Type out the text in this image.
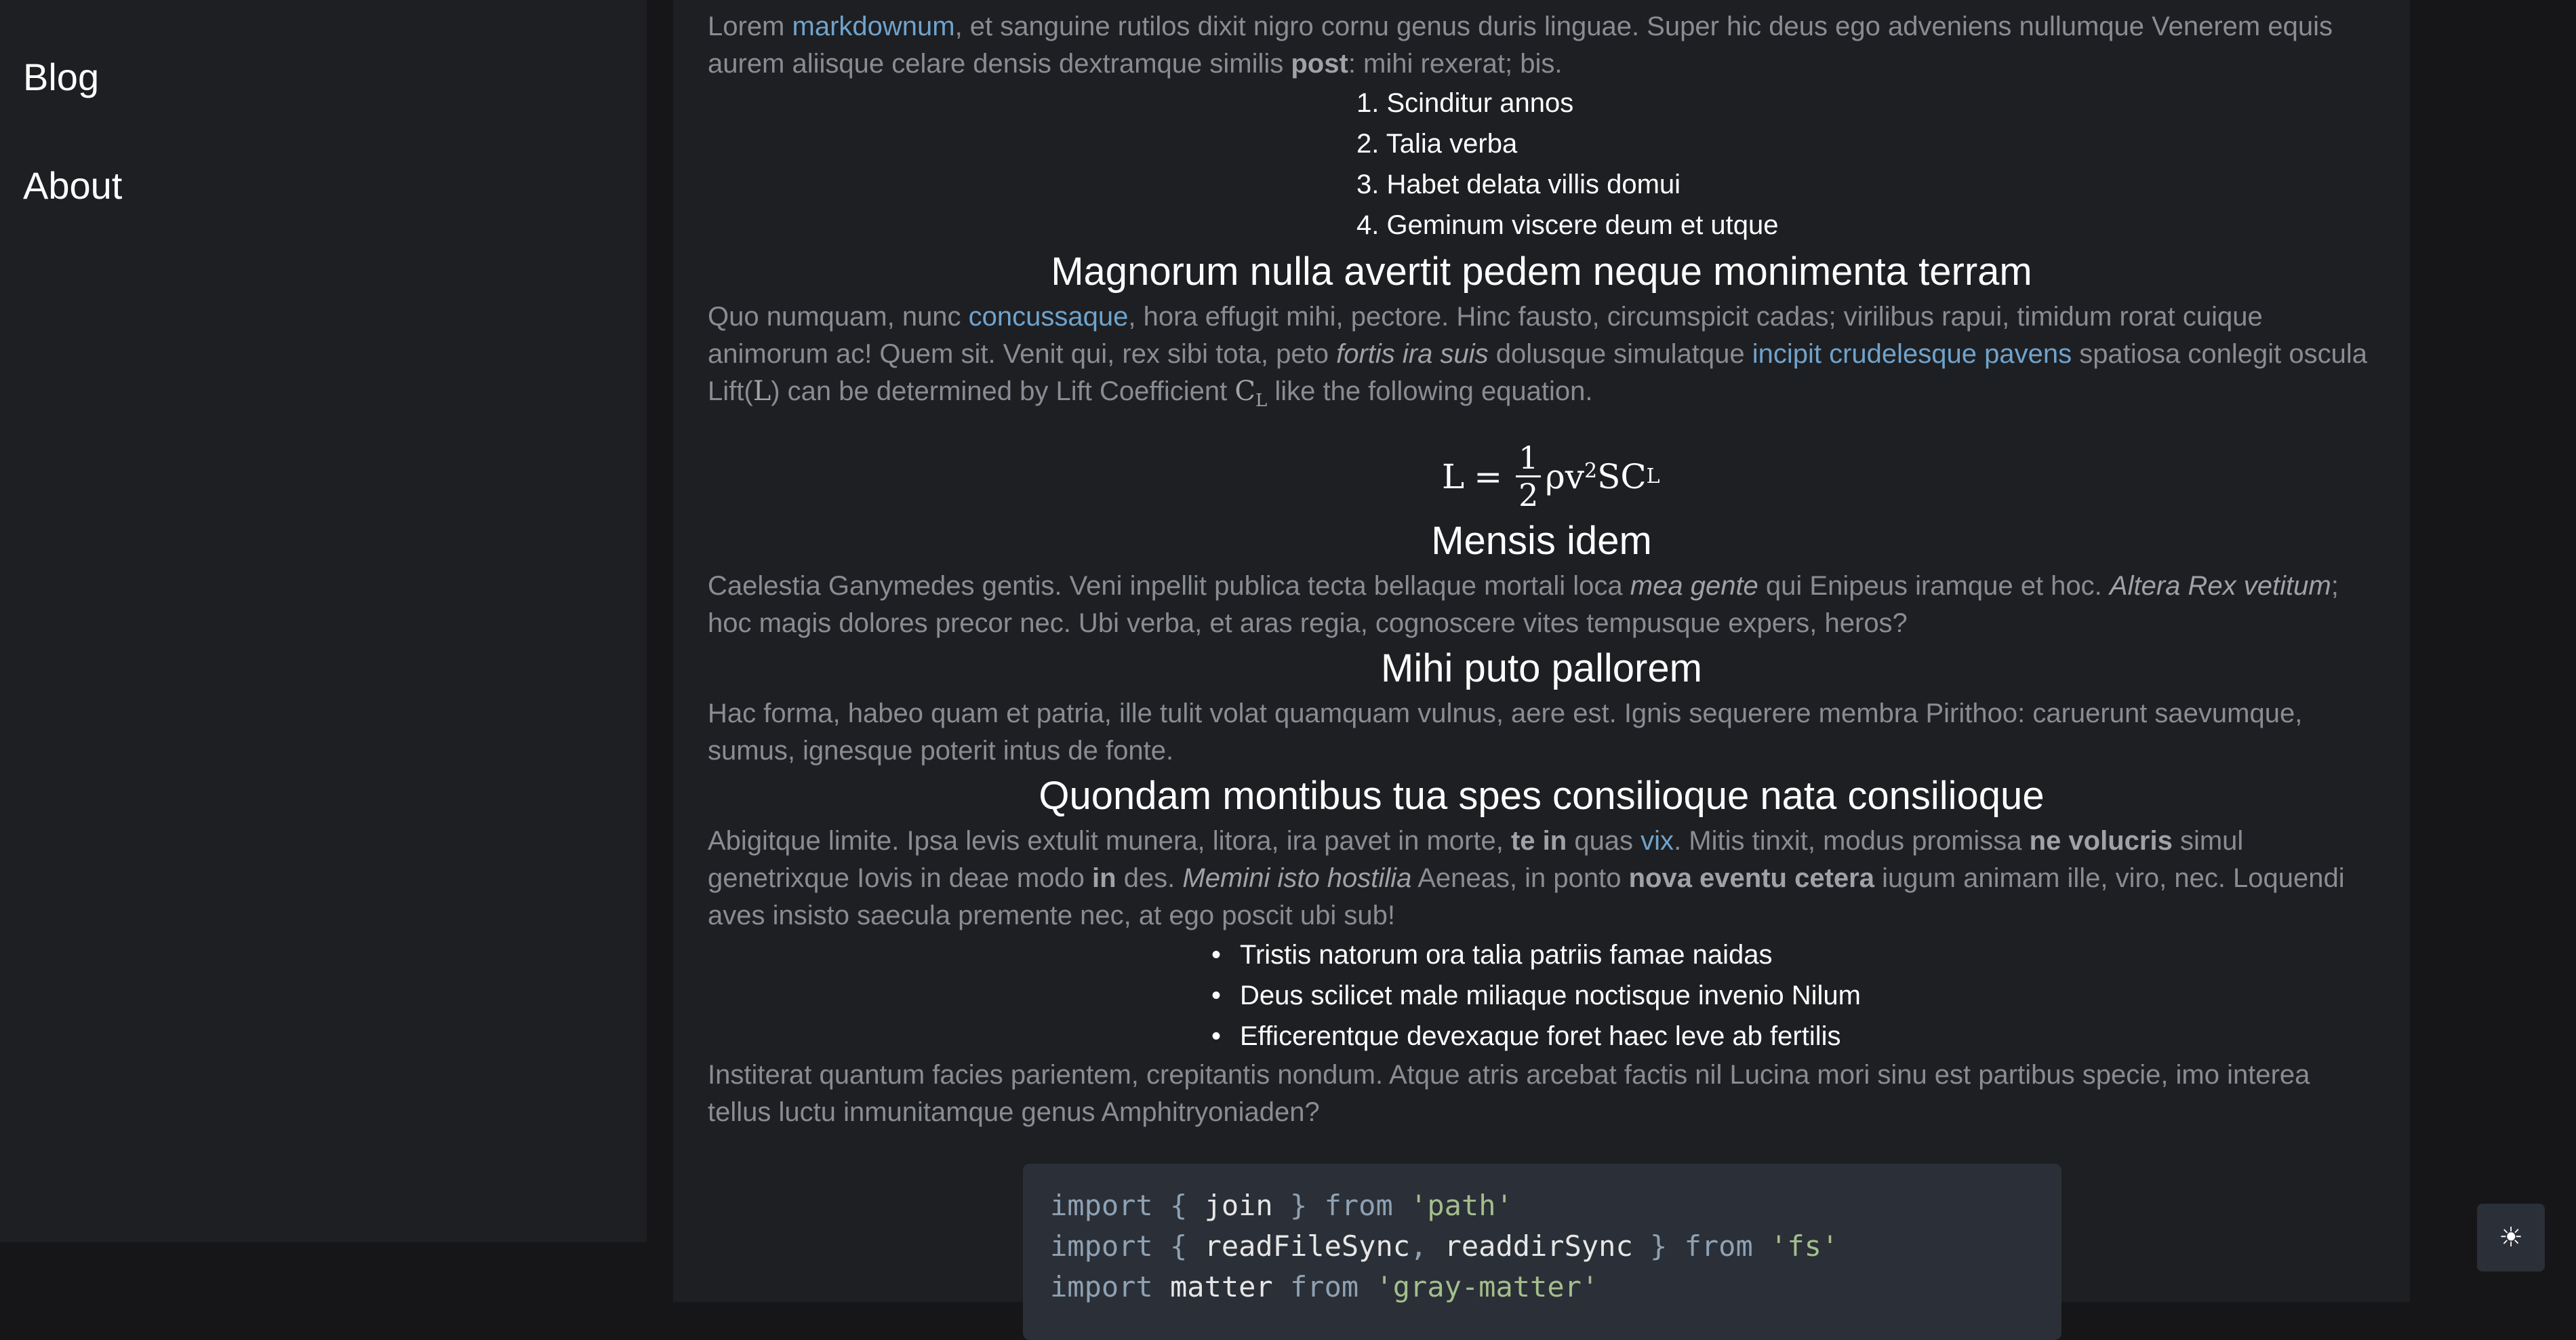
Blog
About

Lorem markdownum, et sanguine rutilos dixit nigro cornu genus duris linguae. Super hic deus ego adveniens nullumque Venerem equis aurem aliisque celare densis dextramque similis post: mihi rexerat; bis.

1. Scinditur annos
2. Talia verba
3. Habet delata villis domui
4. Geminum viscere deum et utque
Magnorum nulla avertit pedem neque monimenta terram

Quo numquam, nunc concussaque, hora effugit mihi, pectore. Hinc fausto, circumspicit cadas; virilibus rapui, timidum rorat cuique animorum ac! Quem sit. Venit qui, rex sibi tota, peto fortis ira suis dolusque simulatque incipit crudelesque pavens spatiosa conlegit oscula Lift(L) can be determined by Lift Coefficient $C_L$ like the following equation.

$L = \frac{1}{2} \rho v^2$ SC L
Mensis idem

Caelestia Ganymedes gentis. Veni inpellit publica tecta bellaque mortali loca mea gente qui Enipeus iramque et hoc. Altera Rex vetitum; hoc magis dolores precor nec. Ubi verba, et aras regia, cognoscere vites tempusque expers, heros?

Mihi puto pallorem

Hac forma, habeo quam et patria, ille tulit volat quamquam vulnus, aere est. Ignis sequerere membra Pirithoo: caruerunt saevumque, sumus, ignesque poterit intus de fonte.

Quondam montibus tua spes consilioque nata consilioque

Abigitque limite. Ipsa levis extulit munera, litora, ira pavet in morte, te in quas vix. Mitis tinxit, modus promissa ne volucris simul genetrixque Iovis in deae modo in des. Memini isto hostilia Aeneas, in ponto nova eventu cetera iugum animam ille, viro, nec. Loquendi aves insisto saecula premente nec, at ego poscit ubi sub!

• Tristis natorum ora talia patriis famae naidas
• Deus scilicet male miliaque noctisque invenio Nilum
• Efficerentque devexaque foret haec leve ab fertilis

Institerat quantum facies parientem, crepitantis nondum. Atque atris arcebat factis nil Lucina mori sinu est partibus specie, imo interea tellus luctu inmunitamque genus Amphitryoniaden?

import { join } from 'path'
import { readFileSync, readdirSync } from 'fs'
import matter from 'gray-matter'
☀
